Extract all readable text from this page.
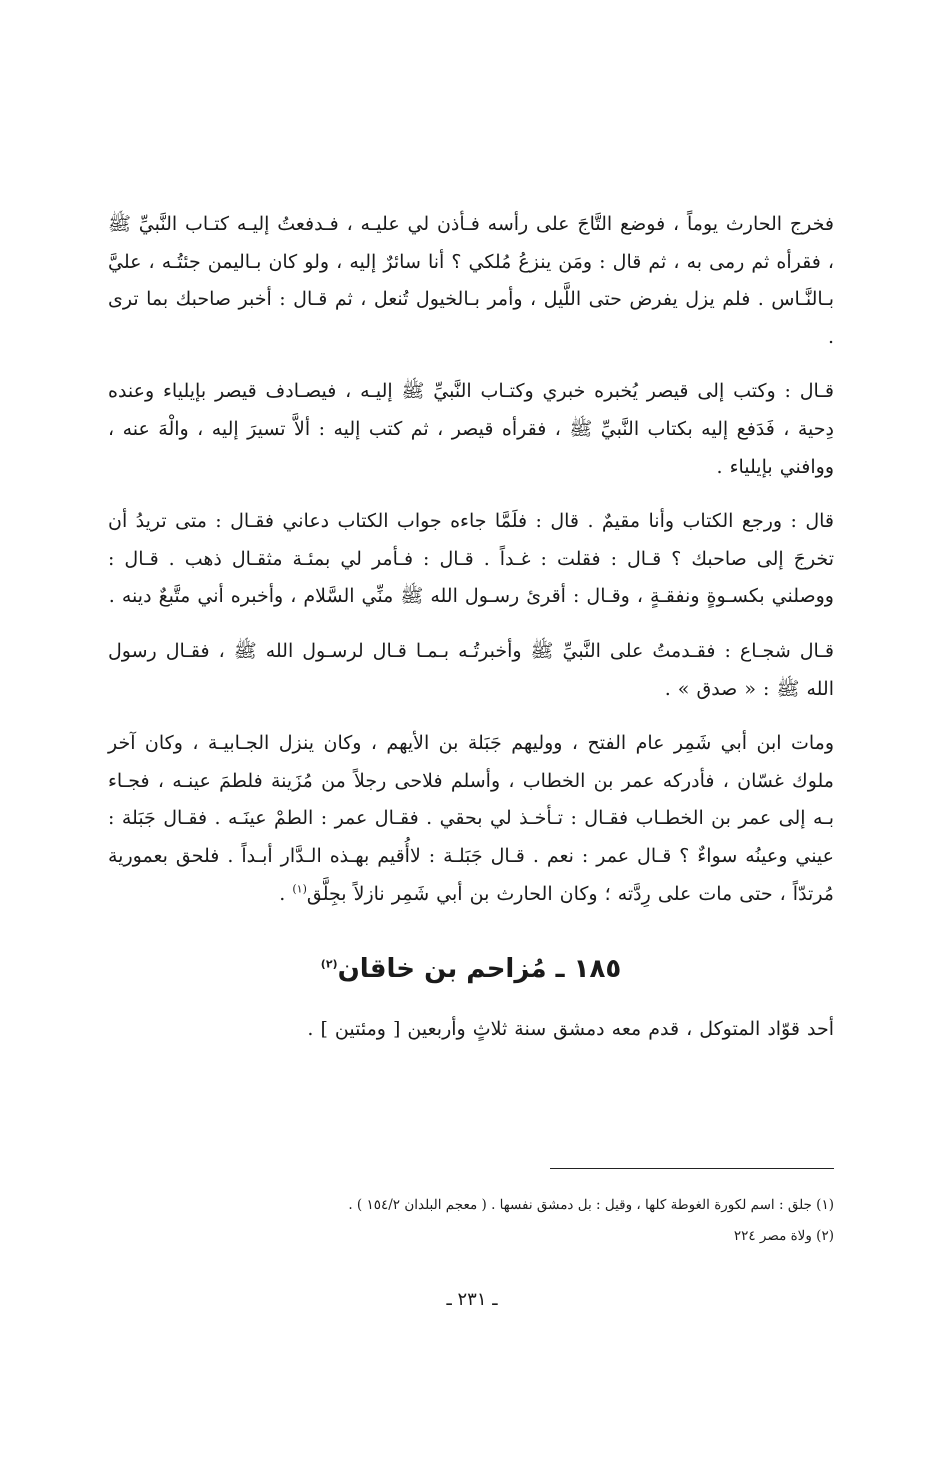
فخرج الحارث يوماً ، فوضع التَّاجَ على رأسه فـأذن لي عليـه ، فـدفعتُ إليـه كتـاب النَّبيِّ ﷺ ، فقرأه ثم رمى به ، ثم قال : ومَن ينزعُ مُلكي ؟ أنا سائرٌ إليه ، ولو كان بـاليمن جئتُـه ، عليَّ بـالنَّـاس . فلم يزل يفرض حتى اللَّيل ، وأمر بـالخيول تُنعل ، ثم قـال : أخبر صاحبك بما ترى .

قـال : وكتب إلى قيصر يُخبره خبري وكتـاب النَّبيِّ ﷺ إليـه ، فيصـادف قيصر بإيلياء وعنده دِحية ، فَدَفع إليه بكتاب النَّبيِّ ﷺ ، فقرأه قيصر ، ثم كتب إليه : ألاَّ تسيرَ إليه ، والْهَ عنه ، ووافني بإيلياء .

قال : ورجع الكتاب وأنا مقيمٌ . قال : فلَمَّا جاءه جواب الكتاب دعاني فقـال : متى تريدُ أن تخرجَ إلى صاحبك ؟ قـال : فقلت : غـداً . قـال : فـأمر لي بمئـة مثقـال ذهب . قـال : ووصلني بكسـوةٍ ونفقـةٍ ، وقـال : أقرئ رسـول الله ﷺ منِّي السَّلام ، وأخبره أني متَّبعٌ دينه .

قـال شجـاع : فقـدمتُ على النَّبيِّ ﷺ وأخبرتُـه بـمـا قـال لرسـول الله ﷺ ، فقـال رسول الله ﷺ : « صدق » .

ومات ابن أبي شَمِر عام الفتح ، ووليهم جَبَلة بن الأيهم ، وكان ينزل الجـابيـة ، وكان آخر ملوك غسّان ، فأدركه عمر بن الخطاب ، وأسلم فلاحى رجلاً من مُزَينة فلطمَ عينـه ، فجـاء بـه إلى عمر بن الخطـاب فقـال : تـأخـذ لي بحقي . فقـال عمر : الطمْ عينَـه . فقـال جَبَلة : عيني وعينُه سواءٌ ؟ قـال عمر : نعم . قـال جَبَلـة : لاأُقيم بهـذه الـدَّار أبـداً . فلحق بعمورية مُرتدّاً ، حتى مات على رِدَّته ؛ وكان الحارث بن أبي شَمِر نازلاً بجِلَّق$^{(١)}$ .

١٨٥ ـ مُزاحم بن خاقان$^{(٢)}$

أحد قوّاد المتوكل ، قدم معه دمشق سنة ثلاثٍ وأربعين [ ومئتين ] .

(١) جلق : اسم لكورة الغوطة كلها ، وقيل : بل دمشق نفسها . ( معجم البلدان ١٥٤/٢ ) .

(٢) ولاة مصر ٢٢٤

ـ ٢٣١ ـ
